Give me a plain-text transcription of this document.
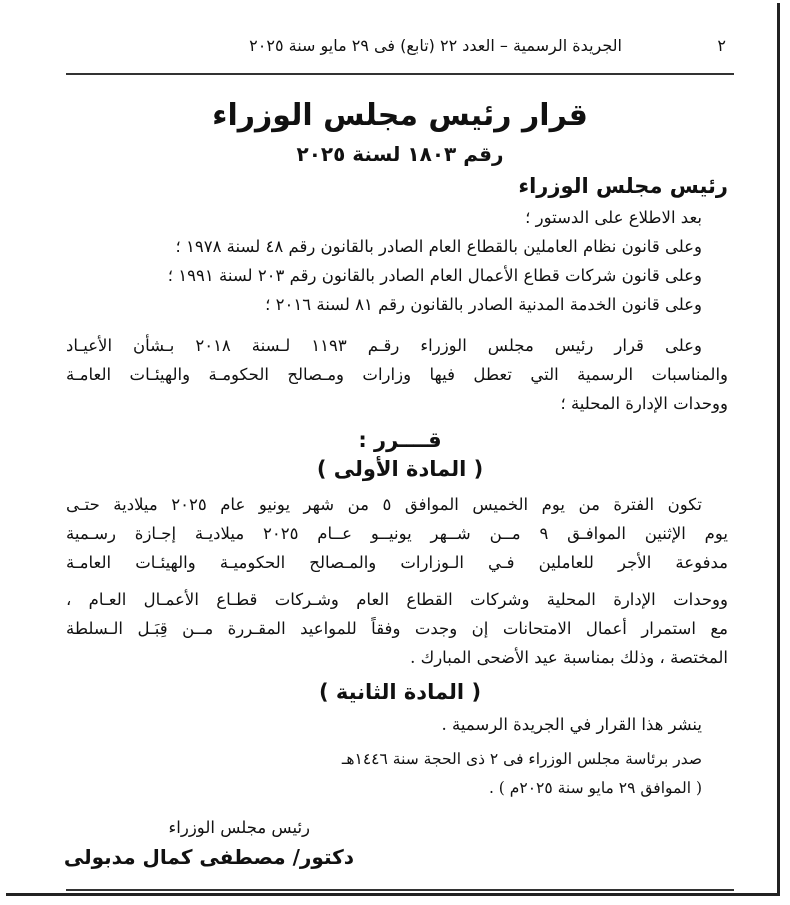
٢
الجريدة الرسمية – العدد ٢٢ (تابع) فى ٢٩ مايو سنة ٢٠٢٥
قرار رئيس مجلس الوزراء
رقم ١٨٠٣ لسنة ٢٠٢٥
رئيس مجلس الوزراء
بعد الاطلاع على الدستور ؛
وعلى قانون نظام العاملين بالقطاع العام الصادر بالقانون رقم ٤٨ لسنة ١٩٧٨ ؛
وعلى قانون شركات قطاع الأعمال العام الصادر بالقانون رقم ٢٠٣ لسنة ١٩٩١ ؛
وعلى قانون الخدمة المدنية الصادر بالقانون رقم ٨١ لسنة ٢٠١٦ ؛
وعلى قرار رئيس مجلس الوزراء رقـم ١١٩٣ لـسنة ٢٠١٨ بـشأن الأعيـاد
والمناسبات الرسمية التي تعطل فيها وزارات ومـصالح الحكومـة والهيئـات العامـة
ووحدات الإدارة المحلية ؛
قــــرر :
( المادة الأولى )
تكون الفترة من يوم الخميس الموافق ٥ من شهر يونيو عام ٢٠٢٥ ميلادية حتـى
يوم الإثنين الموافـق ٩ مــن شــهر يونيــو عــام ٢٠٢٥ ميلاديـة إجـازة رسـمية
مدفوعة الأجر للعاملين فـي الـوزارات والمـصالح الحكوميـة والهيئـات العامـة
ووحدات الإدارة المحلية وشركات القطاع العام وشـركات قطـاع الأعمـال العـام ،
مع استمرار أعمال الامتحانات إن وجدت وفقاً للمواعيد المقـررة مــن قِبَـل الـسلطة
المختصة ، وذلك بمناسبة عيد الأضحى المبارك .
( المادة الثانية )
ينشر هذا القرار في الجريدة الرسمية .
صدر برئاسة مجلس الوزراء فى ٢ ذى الحجة سنة ١٤٤٦هـ
( الموافق ٢٩ مايو سنة ٢٠٢٥م ) .
رئيس مجلس الوزراء
دكتور/ مصطفى كمال مدبولى
